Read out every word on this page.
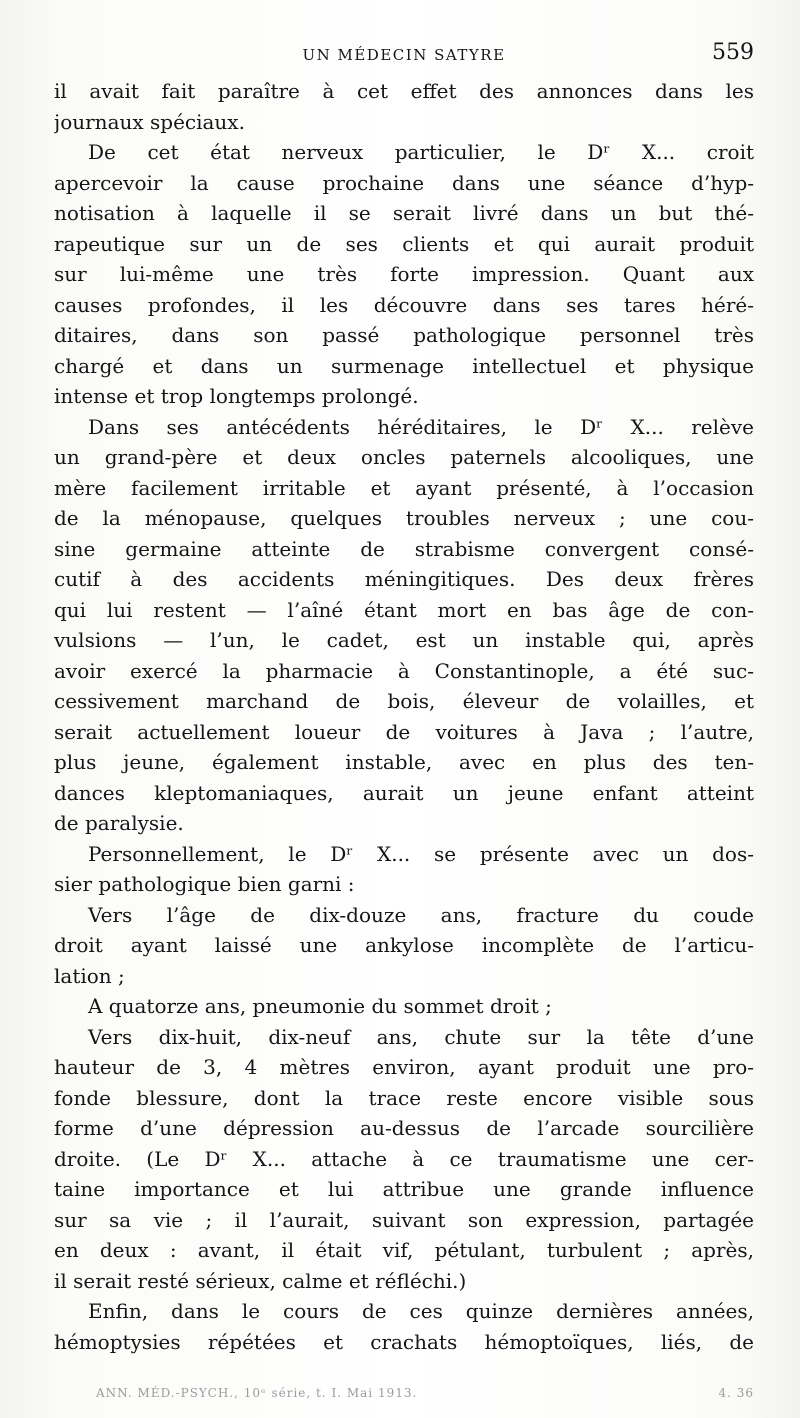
UN MÉDECIN SATYRE	559
il avait fait paraître à cet effet des annonces dans les
journaux spéciaux.
De cet état nerveux particulier, le Dʳ X... croit
apercevoir la cause prochaine dans une séance d’hyp-
notisation à laquelle il se serait livré dans un but thé-
rapeutique sur un de ses clients et qui aurait produit
sur lui-même une très forte impression. Quant aux
causes profondes, il les découvre dans ses tares héré-
ditaires, dans son passé pathologique personnel très
chargé et dans un surmenage intellectuel et physique
intense et trop longtemps prolongé.
Dans ses antécédents héréditaires, le Dʳ X... relève
un grand-père et deux oncles paternels alcooliques, une
mère facilement irritable et ayant présenté, à l’occasion
de la ménopause, quelques troubles nerveux ; une cou-
sine germaine atteinte de strabisme convergent consé-
cutif à des accidents méningitiques. Des deux frères
qui lui restent — l’aîné étant mort en bas âge de con-
vulsions — l’un, le cadet, est un instable qui, après
avoir exercé la pharmacie à Constantinople, a été suc-
cessivement marchand de bois, éleveur de volailles, et
serait actuellement loueur de voitures à Java ; l’autre,
plus jeune, également instable, avec en plus des ten-
dances kleptomaniaques, aurait un jeune enfant atteint
de paralysie.
Personnellement, le Dʳ X... se présente avec un dos-
sier pathologique bien garni :
Vers l’âge de dix-douze ans, fracture du coude
droit ayant laissé une ankylose incomplète de l’articu-
lation ;
A quatorze ans, pneumonie du sommet droit ;
Vers dix-huit, dix-neuf ans, chute sur la tête d’une
hauteur de 3, 4 mètres environ, ayant produit une pro-
fonde blessure, dont la trace reste encore visible sous
forme d’une dépression au-dessus de l’arcade sourcilière
droite. (Le Dʳ X... attache à ce traumatisme une cer-
taine importance et lui attribue une grande influence
sur sa vie ; il l’aurait, suivant son expression, partagée
en deux : avant, il était vif, pétulant, turbulent ; après,
il serait resté sérieux, calme et réfléchi.)
Enfin, dans le cours de ces quinze dernières années,
hémoptysies répétées et crachats hémoptoïques, liés, de
ANN. MÉD.-PSYCH., 10ᵉ série, t. I. Mai 1913.	4. 36
